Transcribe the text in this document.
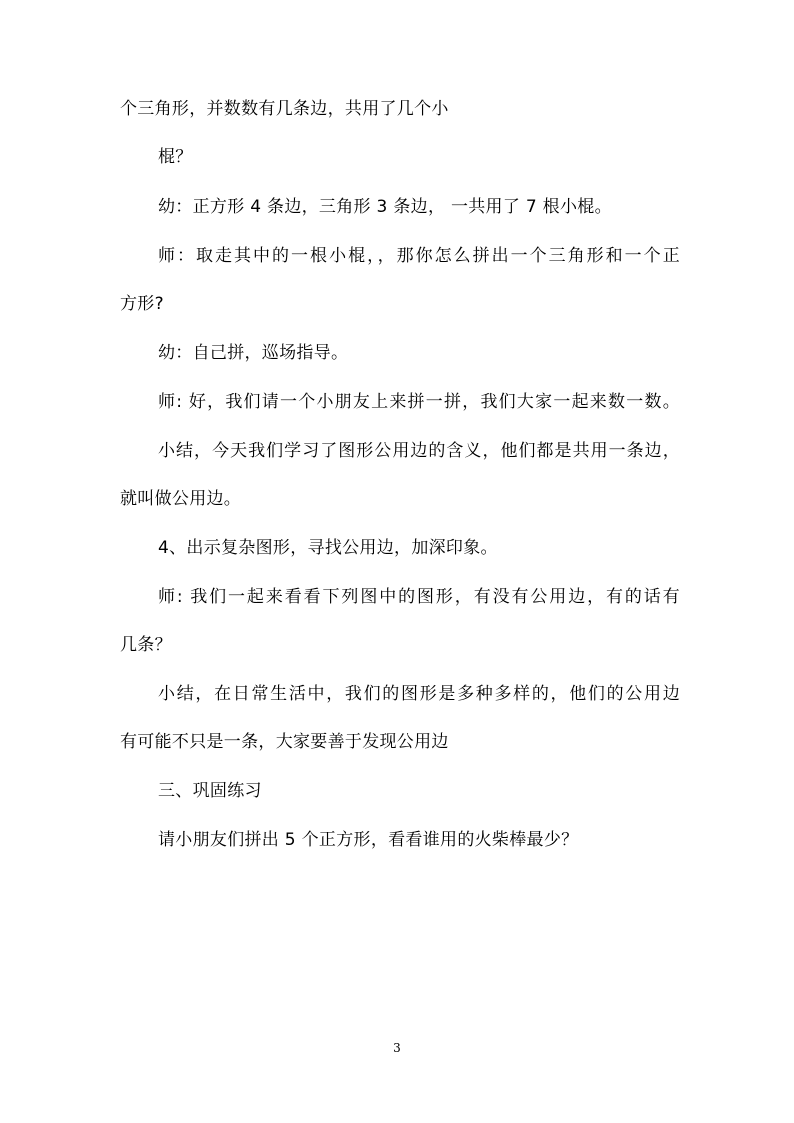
个三角形，并数数有几条边，共用了几个小
棍？
幼：正方形 4 条边，三角形 3 条边， 一共用了 7 根小棍。
师：取走其中的一根小棍，，那你怎么拼出一个三角形和一个正
方形?
幼：自己拼，巡场指导。
师: 好，我们请一个小朋友上来拼一拼，我们大家一起来数一数。
小结，今天我们学习了图形公用边的含义，他们都是共用一条边，
就叫做公用边。
4、出示复杂图形，寻找公用边，加深印象。
师: 我们一起来看看下列图中的图形，有没有公用边，有的话有
几条？
小结，在日常生活中，我们的图形是多种多样的，他们的公用边
有可能不只是一条，大家要善于发现公用边
三、巩固练习
请小朋友们拼出 5 个正方形，看看谁用的火柴棒最少？
3
